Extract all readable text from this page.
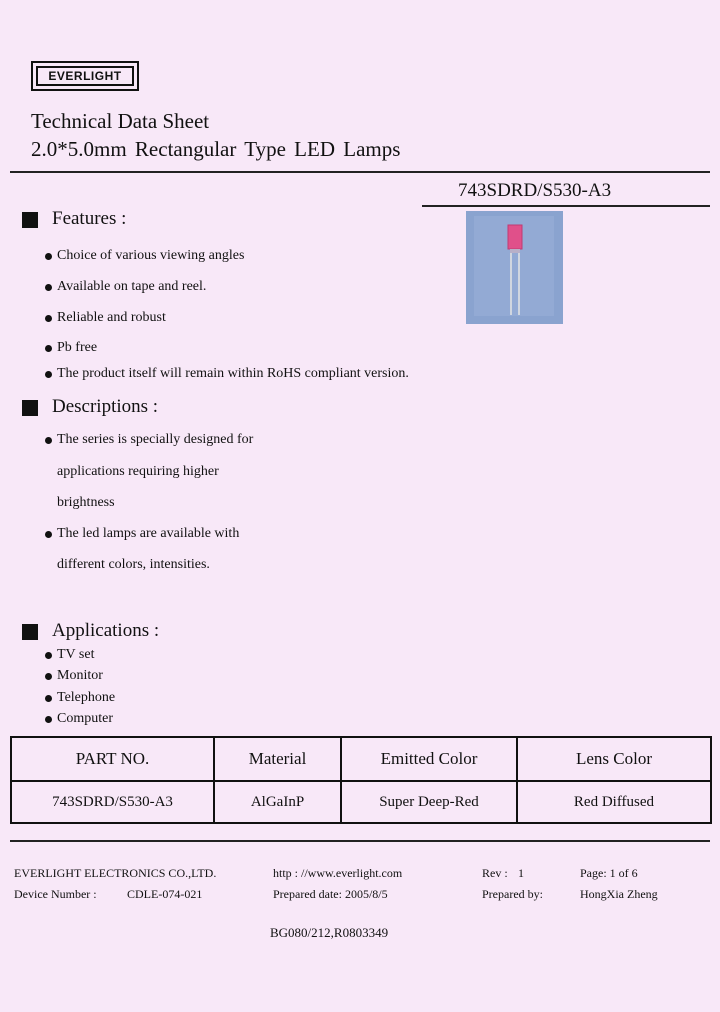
EVERLIGHT
Technical Data Sheet
2.0*5.0mm Rectangular Type LED Lamps
743SDRD/S530-A3
Features :
Choice of various viewing angles
Available on tape and reel.
Reliable and robust
Pb free
The product itself will remain within RoHS compliant version.
Descriptions :
The series is specially designed for
applications requiring higher
brightness
The led lamps are available with
different colors, intensities.
Applications :
TV set
Monitor
Telephone
Computer
PART NO.	Material	Emitted Color	Lens Color
743SDRD/S530-A3	AlGaInP	Super Deep-Red	Red Diffused
EVERLIGHT ELECTRONICS CO.,LTD.	http : //www.everlight.com	Rev : 1	Page: 1 of 6
Device Number :	CDLE-074-021	Prepared date: 2005/8/5	Prepared by:	HongXia Zheng
BG080/212,R0803349
